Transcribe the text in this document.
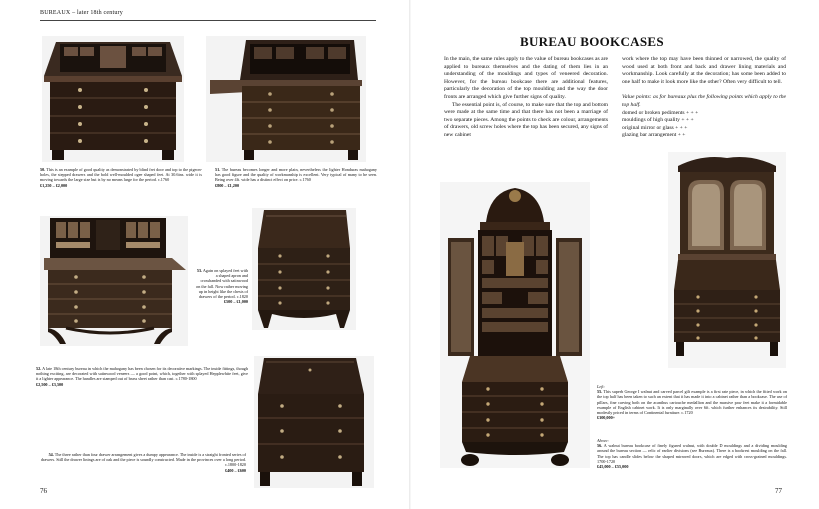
BUREAUX – later 18th century
50. This is an example of good quality as demonstrated by blind fret door and top to the pigeon-holes, the stepped drawers and the bold well-moulded ogee shaped feet. At 30.6ins. wide it is moving towards the large size but is by no means large for the period. c.1760
£1,250 – £2,000
51. The bureau becomes longer and more plain, nevertheless the lighter Honduras mahogany has good figure and the quality of workmanship is excellent. Very typical of many to be seen. Being over 4ft. wide has a distinct effect on price. c.1760
£800 – £1,200
53. Again on splayed feet with a shaped apron and crossbanded with satinwood on the fall. Now rather moving up in height like the chests of drawers of the period. c.1820
£500 – £1,000
52. A late 18th century bureau in which the mahogany has been chosen for its decorative markings. The inside fittings, though nothing exciting, are decorated with satinwood veneers — a good point, which, together with splayed Hepplewhite feet, give it a lighter appearance. The handles are stamped out of brass sheet rather than cast. c.1780-1800
£2,500 – £3,500
54. The three rather than four drawer arrangement gives a dumpy appearance. The inside is a straight fronted series of drawers. Still the drawer linings are of oak and the piece is soundly constructed. Made in the provinces over a long period. c.1800-1820
£400 – £600
76
BUREAU BOOKCASES

In the main, the same rules apply to the value of bureau bookcases as are applied to bureaux themselves and the dating of them lies in an understanding of the mouldings and types of veneered decoration. However, for the bureau bookcase there are additional features, particularly the decoration of the top moulding and the way the door fronts are arranged which give further signs of quality.

The essential point is, of course, to make sure that the top and bottom were made at the same time and that there has not been a marriage of two separate pieces. Among the points to check are colour, arrangements of drawers, old screw holes where the top has been secured, any signs of new cabinet

work where the top may have been thinned or narrowed, the quality of wood used at both front and back and drawer lining materials and workmanship. Look carefully at the decoration; has some been added to one half to make it look more like the other? Often very difficult to tell.

Value points: as for bureaux plus the following points which apply to the top half.

domed or broken pediments + + +
mouldings of high quality + + +
original mirror or glass + + +
glazing bar arrangement + +
Left:
55. This superb George I walnut and carved parcel gilt example is a first rate piece, in which the fitted work on the top half has been taken to such an extent that it has made it into a cabinet rather than a bookcase. The use of pillars, fine carving both on the acanthus cartouche medallion and the massive paw feet make it a formidable example of English cabinet work. It is only marginally over 6ft. which further enhances its desirability. Still modestly priced in terms of Continental furniture. c.1720
£300,000+
Above:
56. A walnut bureau bookcase of finely figured walnut, with double D mouldings and a dividing moulding around the bureau section — relic of earlier divisions (see Bureaux). There is a bookrest moulding on the fall. The top has candle slides below the shaped mirrored doors, which are edged with cross-grained mouldings. 1700-1720
£45,000 – £55,000
77
